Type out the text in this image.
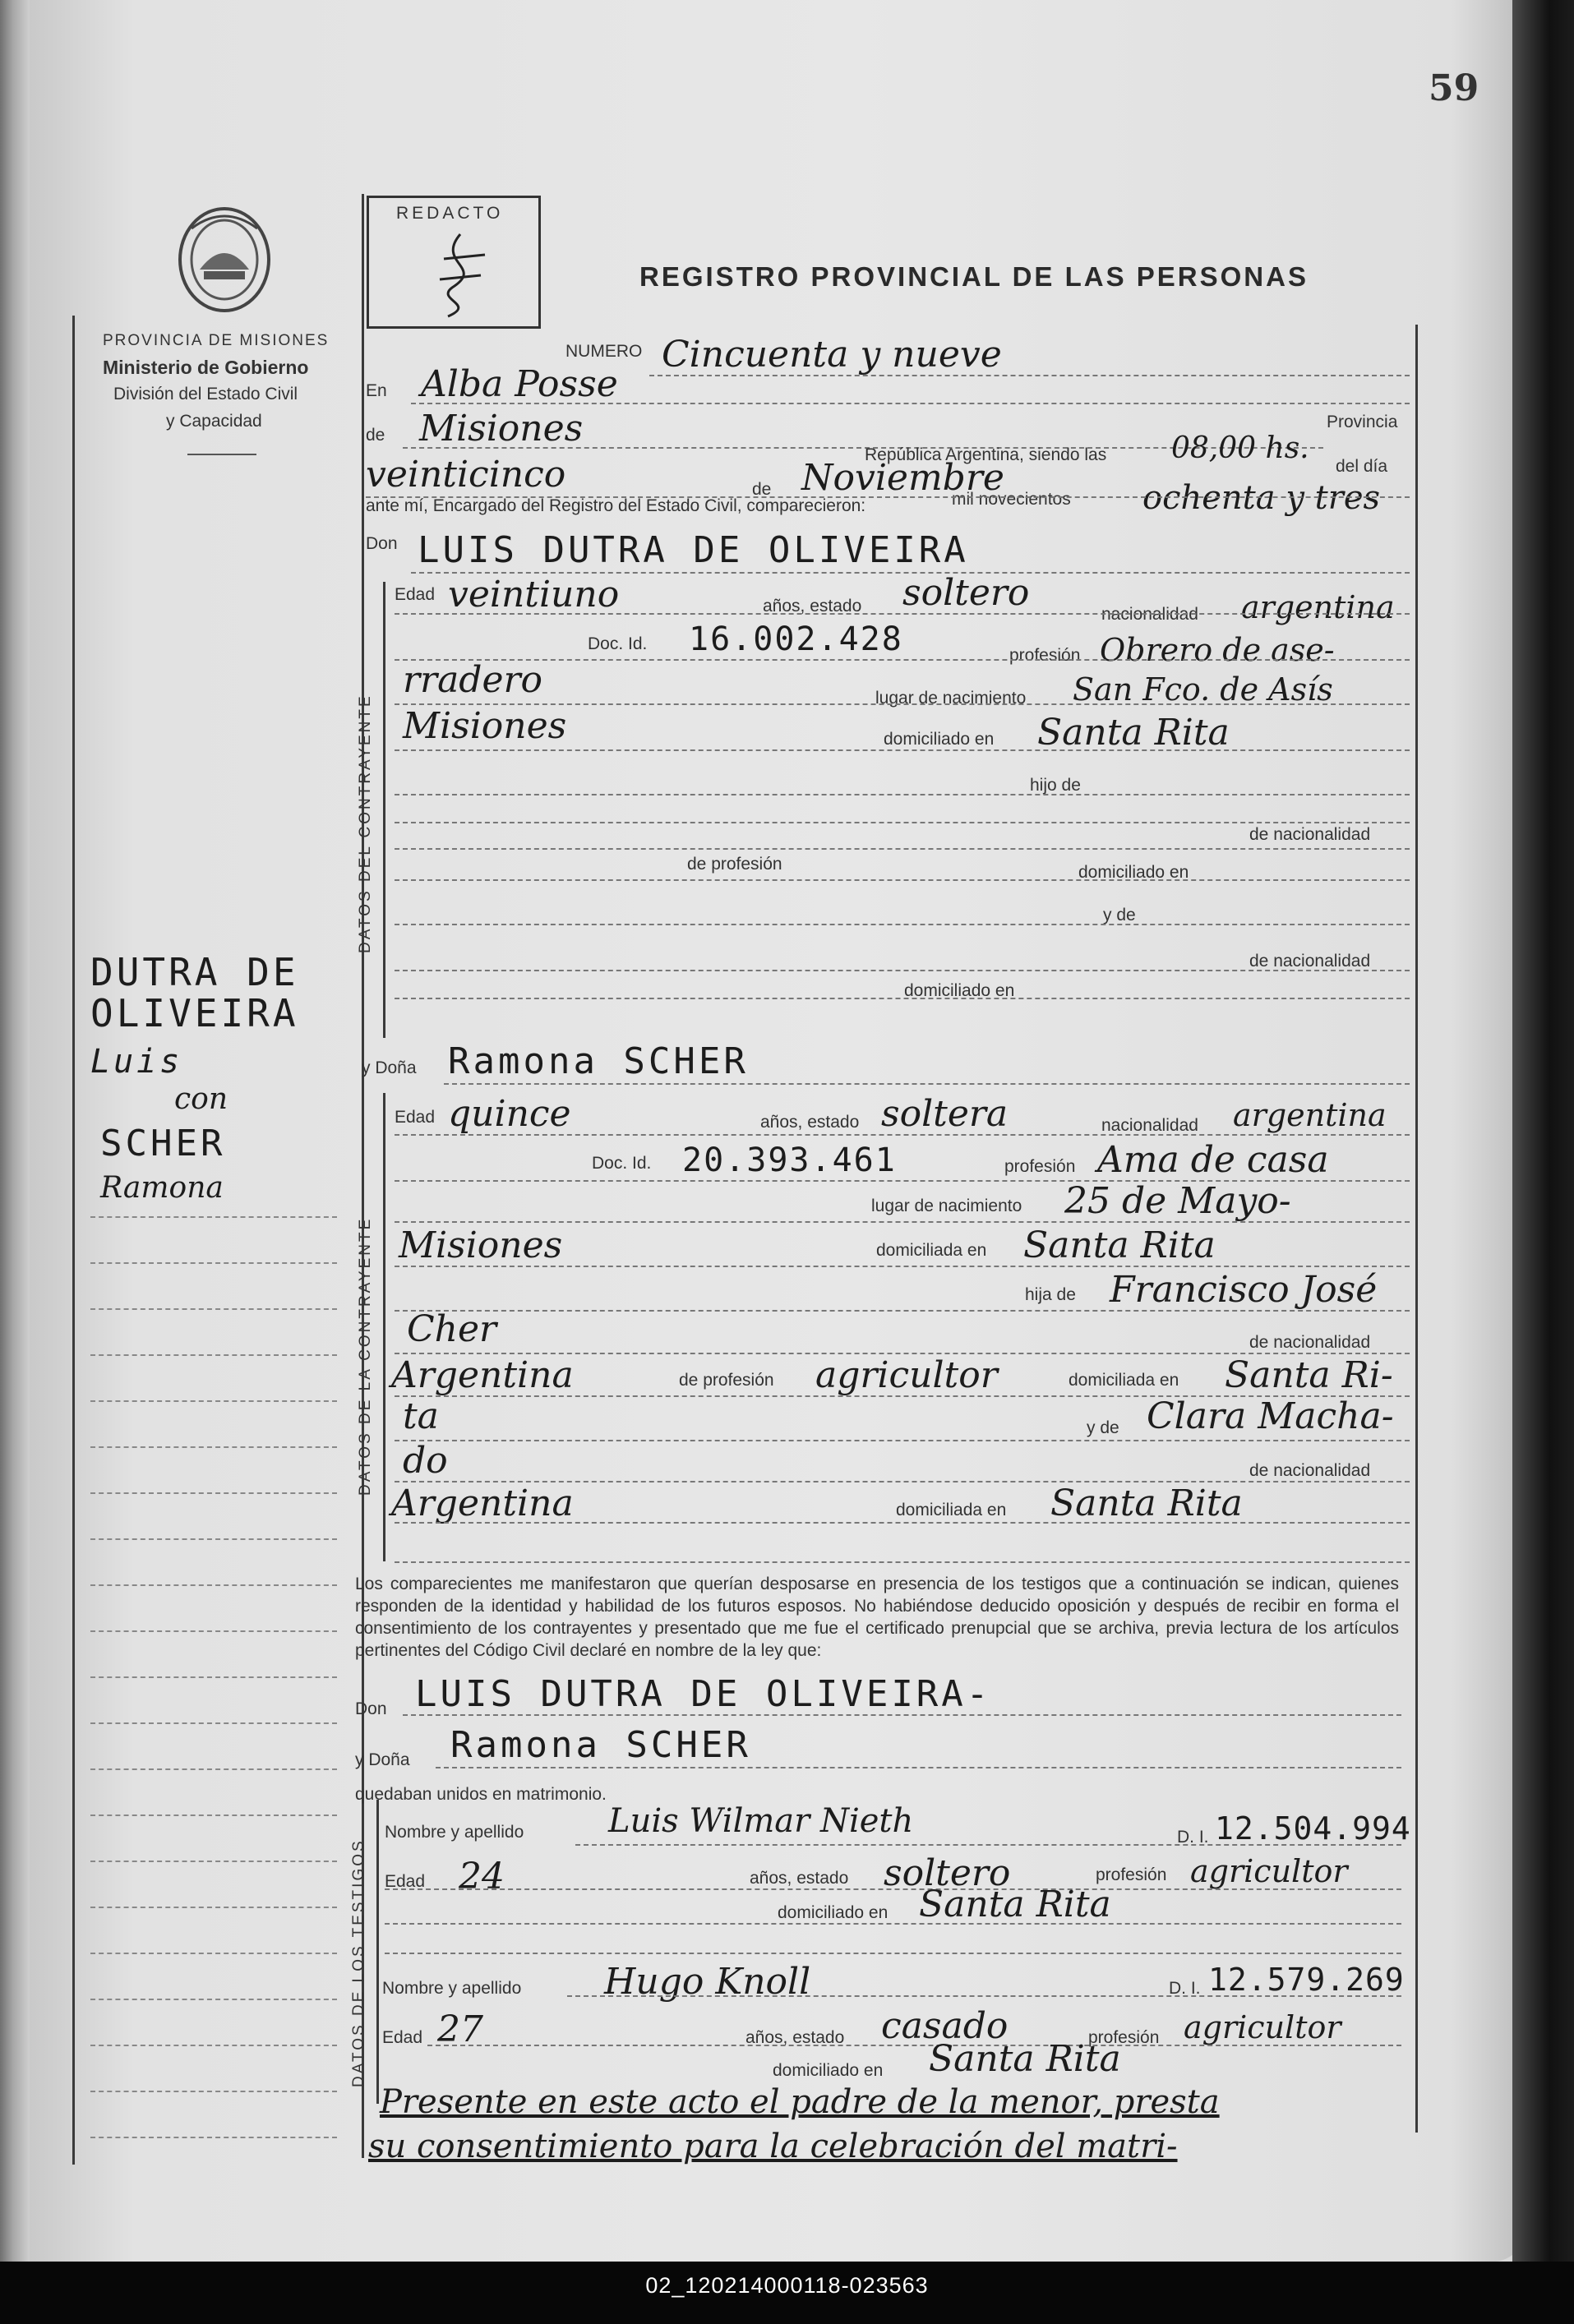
59
PROVINCIA DE MISIONES
Ministerio de Gobierno
División del Estado Civil
y Capacidad
REDACTO
REGISTRO PROVINCIAL DE LAS PERSONAS
NUMERO Cincuenta y nueve
En Alba Posse
de Misiones	Provincia
República Argentina, siendo las 08,00 hs.
del día
veinticinco	de Noviembre
mil novecientos ochenta y tres
ante mí, Encargado del Registro del Estado Civil, comparecieron:
Don LUIS DUTRA DE OLIVEIRA
DATOS DEL CONTRAYENTE
Edad veintiuno	años, estado soltero
nacionalidad argentina
Doc. Id. 16.002.428	profesión Obrero de ase-
rradero	lugar de nacimiento San Fco. de Asís
Misiones	domiciliado en Santa Rita
hijo de
de nacionalidad
de profesión	domiciliado en
y de
de nacionalidad
domiciliado en
DUTRA DE
OLIVEIRA
Luis
con
SCHER
Ramona
y Doña Ramona SCHER
DATOS DE LA CONTRAYENTE
Edad quince	años, estado soltera	nacionalidad argentina
Doc. Id. 20.393.461	profesión Ama de casa
lugar de nacimiento 25 de Mayo-
Misiones	domiciliada en Santa Rita
hija de Francisco José
Cher	de nacionalidad
Argentina	de profesión agricultor	domiciliada en Santa Ri-
ta	y de Clara Macha-
do	de nacionalidad
Argentina	domiciliada en Santa Rita
Los comparecientes me manifestaron que querían desposarse en presencia de los testigos que a continuación se indican, quienes responden de la identidad y habilidad de los futuros esposos. No habiéndose deducido oposición y después de recibir en forma el consentimiento de los contrayentes y presentado que me fue el certificado prenupcial que se archiva, previa lectura de los artículos pertinentes del Código Civil declaré en nombre de la ley que:
Don LUIS DUTRA DE OLIVEIRA-
y Doña Ramona SCHER
quedaban unidos en matrimonio.
DATOS DE LOS TESTIGOS
Nombre y apellido	Luis Wilmar Nieth	D. I. 12.504.994
Edad 24	años, estado soltero	profesión agricultor
domiciliado en Santa Rita
Nombre y apellido Hugo Knoll	D. I. 12.579.269
Edad 27	años, estado casado	profesión agricultor
domiciliado en Santa Rita
Presente en este acto el padre de la menor, presta
su consentimiento para la celebración del matri-
02_120214000118-023563
